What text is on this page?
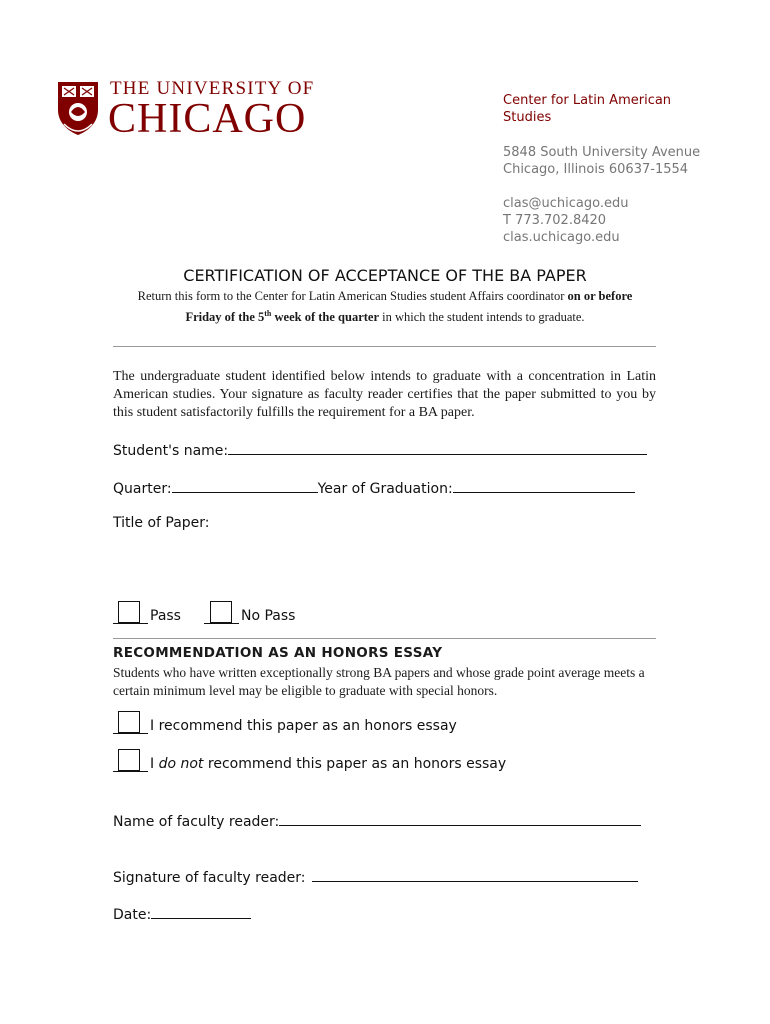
THE UNIVERSITY OF
CHICAGO	Center for Latin American
Studies
5848 South University Avenue
Chicago, Illinois 60637-1554
clas@uchicago.edu
T 773.702.8420
clas.uchicago.edu
CERTIFICATION OF ACCEPTANCE OF THE BA PAPER
Return this form to the Center for Latin American Studies student Affairs coordinator on or before
Friday of the 5th week of the quarter in which the student intends to graduate.
The undergraduate student identified below intends to graduate with a concentration in Latin American studies. Your signature as faculty reader certifies that the paper submitted to you by this student satisfactorily fulfills the requirement for a BA paper.
Student's name:
Quarter:	Year of Graduation:
Title of Paper:
Pass	No Pass
RECOMMENDATION AS AN HONORS ESSAY
Students who have written exceptionally strong BA papers and whose grade point average meets a certain minimum level may be eligible to graduate with special honors.
I recommend this paper as an honors essay
I do not recommend this paper as an honors essay
Name of faculty reader:
Signature of faculty reader:
Date:
